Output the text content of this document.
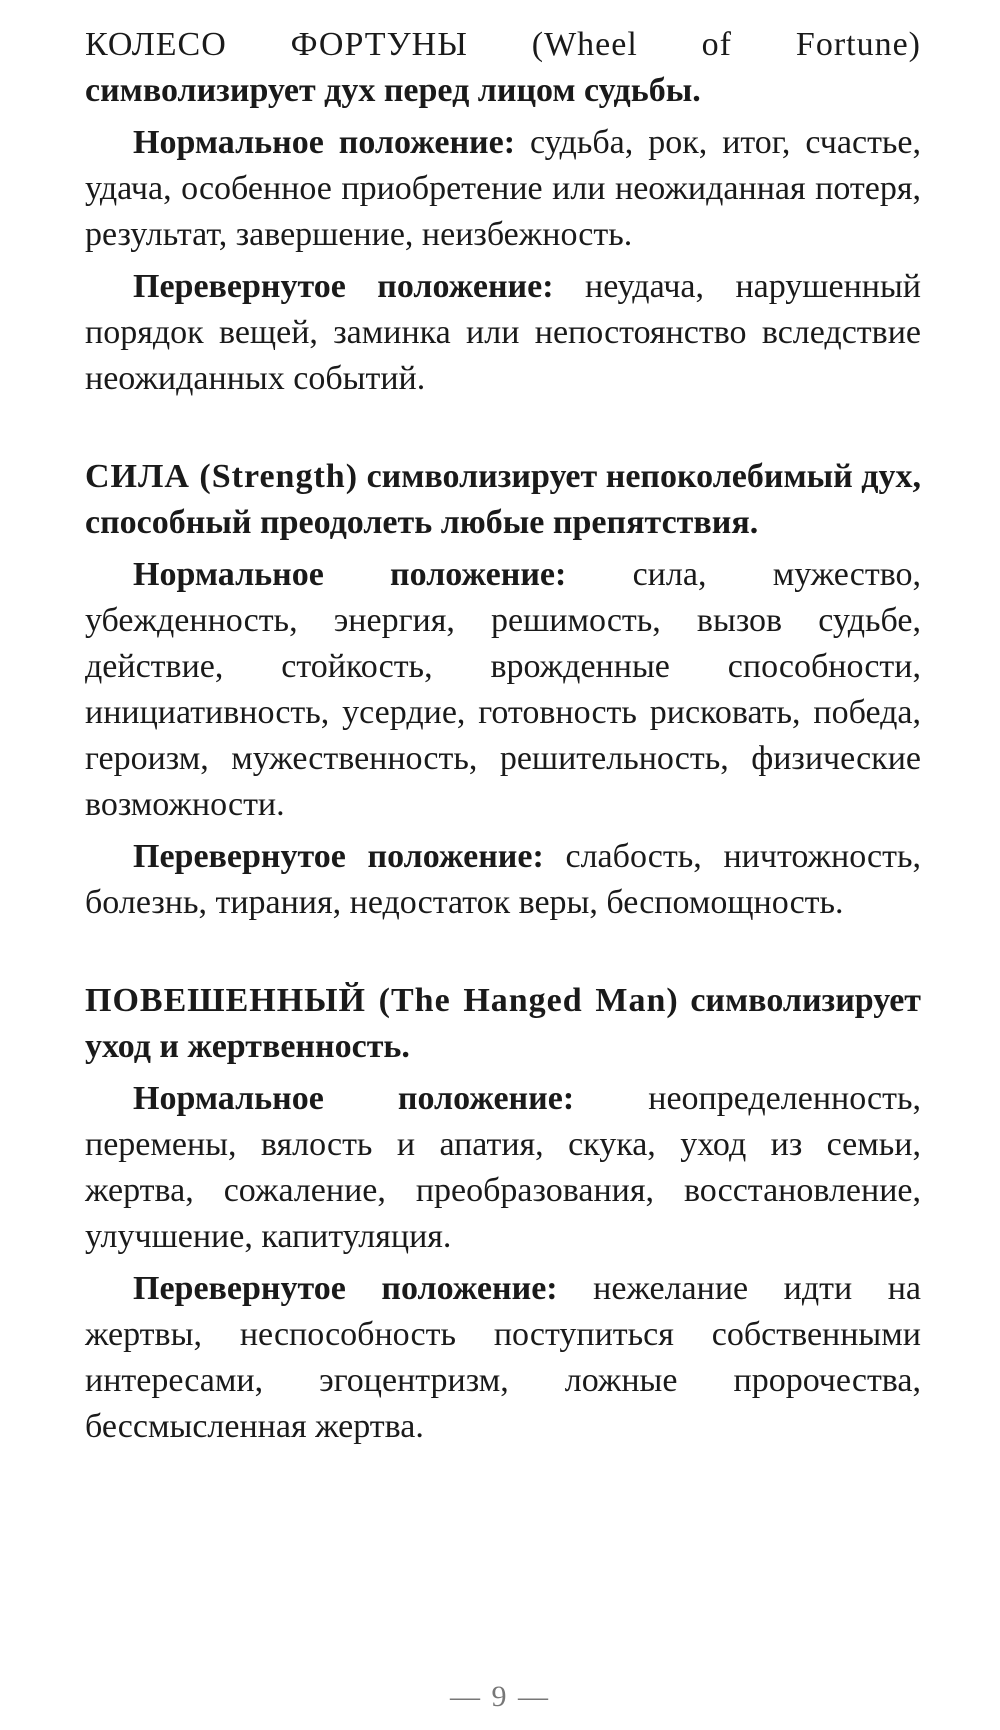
КОЛЕСО ФОРТУНЫ (Wheel of Fortune) символизирует дух перед лицом судьбы.

Нормальное положение: судьба, рок, итог, счастье, удача, особенное приобретение или неожиданная потеря, результат, завершение, неизбежность.

Перевернутое положение: неудача, нарушенный порядок вещей, заминка или непостоянство вследствие неожиданных событий.

СИЛА (Strength) символизирует непоколебимый дух, способный преодолеть любые препятствия.

Нормальное положение: сила, мужество, убежденность, энергия, решимость, вызов судьбе, действие, стойкость, врожденные способности, инициативность, усердие, готовность рисковать, победа, героизм, мужественность, решительность, физические возможности.

Перевернутое положение: слабость, ничтожность, болезнь, тирания, недостаток веры, беспомощность.

ПОВЕШЕННЫЙ (The Hanged Man) символизирует уход и жертвенность.

Нормальное положение: неопределенность, перемены, вялость и апатия, скука, уход из семьи, жертва, сожаление, преобразования, восстановление, улучшение, капитуляция.

Перевернутое положение: нежелание идти на жертвы, неспособность поступиться собственными интересами, эгоцентризм, ложные пророчества, бессмысленная жертва.

— 9 —
